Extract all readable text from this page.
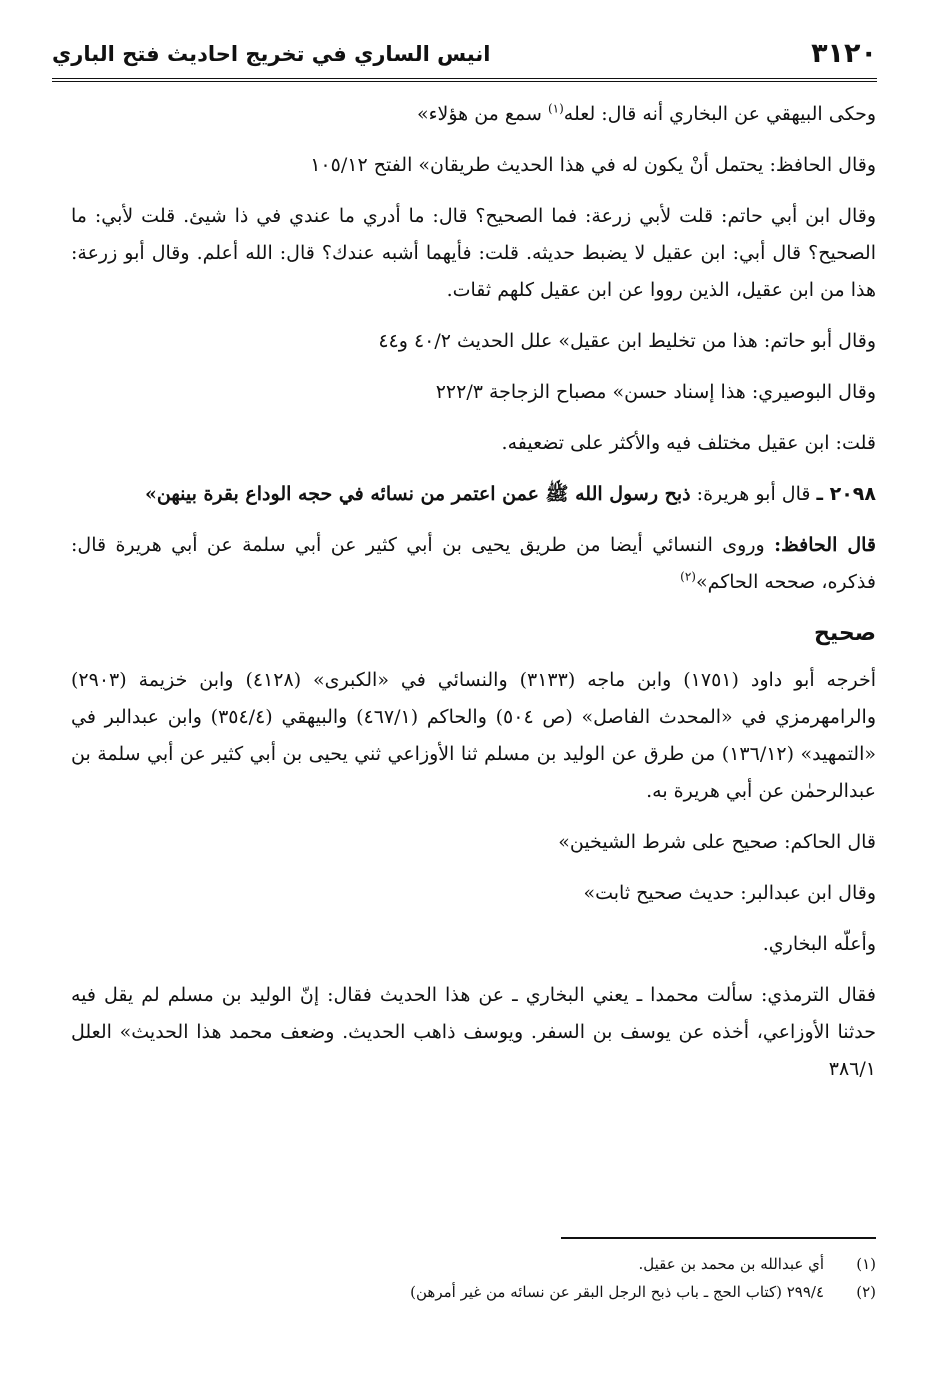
٣١٢٠
انيس الساري في تخريج احاديث فتح الباري

وحكى البيهقي عن البخاري أنه قال: لعله$^{(١)}$ سمع من هؤلاء»

وقال الحافظ: يحتمل أنْ يكون له في هذا الحديث طريقان» الفتح ١٠٥/١٢

وقال ابن أبي حاتم: قلت لأبي زرعة: فما الصحيح؟ قال: ما أدري ما عندي في ذا شيئ. قلت لأبي: ما الصحيح؟ قال أبي: ابن عقيل لا يضبط حديثه. قلت: فأيهما أشبه عندك؟ قال: الله أعلم. وقال أبو زرعة: هذا من ابن عقيل، الذين رووا عن ابن عقيل كلهم ثقات.

وقال أبو حاتم: هذا من تخليط ابن عقيل» علل الحديث ٤٠/٢ و٤٤

وقال البوصيري: هذا إسناد حسن» مصباح الزجاجة ٢٢٢/٣

قلت: ابن عقيل مختلف فيه والأكثر على تضعيفه.

٢٠٩٨ ـ قال أبو هريرة: ذبح رسول الله ﷺ عمن اعتمر من نسائه في حجه الوداع بقرة بينهن»

قال الحافظ: وروى النسائي أيضا من طريق يحيى بن أبي كثير عن أبي سلمة عن أبي هريرة قال: فذكره، صححه الحاكم»$^{(٢)}$

صحيح

أخرجه أبو داود (١٧٥١) وابن ماجه (٣١٣٣) والنسائي في «الكبرى» (٤١٢٨) وابن خزيمة (٢٩٠٣) والرامهرمزي في «المحدث الفاصل» (ص ٥٠٤) والحاكم (٤٦٧/١) والبيهقي (٣٥٤/٤) وابن عبدالبر في «التمهيد» (١٣٦/١٢) من طرق عن الوليد بن مسلم ثنا الأوزاعي ثني يحيى بن أبي كثير عن أبي سلمة بن عبدالرحمٰن عن أبي هريرة به.

قال الحاكم: صحيح على شرط الشيخين»

وقال ابن عبدالبر: حديث صحيح ثابت»

وأعلّه البخاري.

فقال الترمذي: سألت محمدا ـ يعني البخاري ـ عن هذا الحديث فقال: إنّ الوليد بن مسلم لم يقل فيه حدثنا الأوزاعي، أخذه عن يوسف بن السفر. ويوسف ذاهب الحديث. وضعف محمد هذا الحديث» العلل ٣٨٦/١

(١)
أي عبدالله بن محمد بن عقيل.
(٢)
٢٩٩/٤ (كتاب الحج ـ باب ذبح الرجل البقر عن نسائه من غير أمرهن)
